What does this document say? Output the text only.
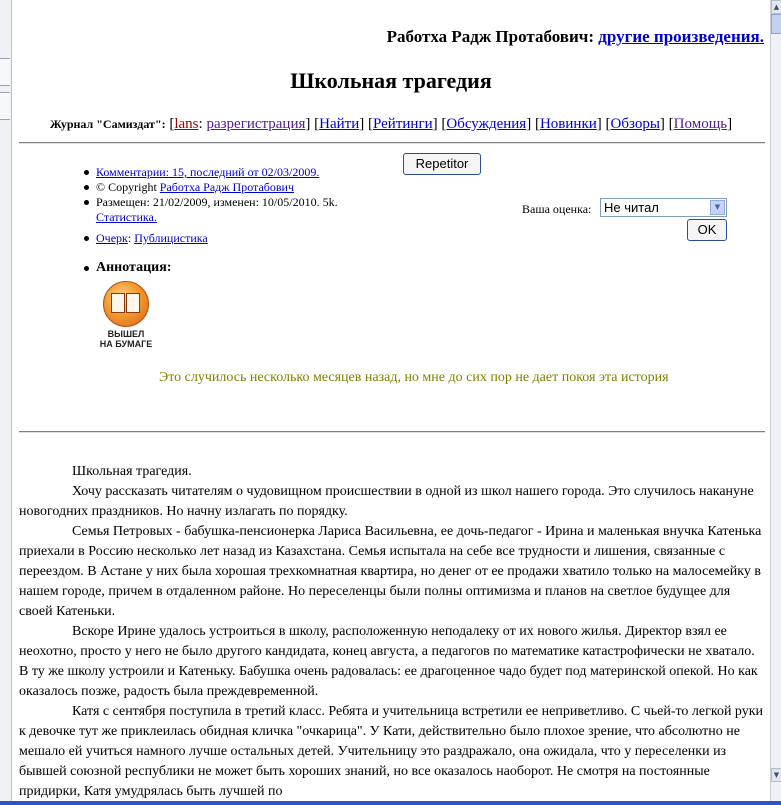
Работха Радж Протабович: другие произведения.
Школьная трагедия
Журнал "Самиздат": [lans: разрегистрация] [Найти] [Рейтинги] [Обсуждения] [Новинки] [Обзоры] [Помощь]
Repetitor
Комментарии: 15, последний от 02/03/2009.
© Copyright Работха Радж Протабович
Размещен: 21/02/2009, изменен: 10/05/2010. 5k.
Статистика.
Очерк: Публицистика
Ваша оценка: Не читал	▼
OK
Аннотация:
ВЫШЕЛ
НА БУМАГЕ
Это случилось несколько месяцев назад, но мне до сих пор не дает покоя эта история

Школьная трагедия.

Хочу рассказать читателям о чудовищном происшествии в одной из школ нашего города. Это случилось накануне новогодних праздников. Но начну излагать по порядку.

Семья Петровых - бабушка-пенсионерка Лариса Васильевна, ее дочь-педагог - Ирина и маленькая внучка Катенька приехали в Россию несколько лет назад из Казахстана. Семья испытала на себе все трудности и лишения, связанные с переездом. В Астане у них была хорошая трехкомнатная квартира, но денег от ее продажи хватило только на малосемейку в нашем городе, причем в отдаленном районе. Но переселенцы были полны оптимизма и планов на светлое будущее для своей Катеньки.

Вскоре Ирине удалось устроиться в школу, расположенную неподалеку от их нового жилья. Директор взял ее неохотно, просто у него не было другого кандидата, конец августа, а педагогов по математике катастрофически не хватало. В ту же школу устроили и Катеньку. Бабушка очень радовалась: ее драгоценное чадо будет под материнской опекой. Но как оказалось позже, радость была преждевременной.

Катя с сентября поступила в третий класс. Ребята и учительница встретили ее неприветливо. С чьей-то легкой руки к девочке тут же приклеилась обидная кличка "очкарица". У Кати, действительно было плохое зрение, что абсолютно не мешало ей учиться намного лучше остальных детей. Учительницу это раздражало, она ожидала, что у переселенки из бывшей союзной республики не может быть хороших знаний, но все оказалось наоборот. Не смотря на постоянные придирки, Катя умудрялась быть лучшей по

▲
▼
